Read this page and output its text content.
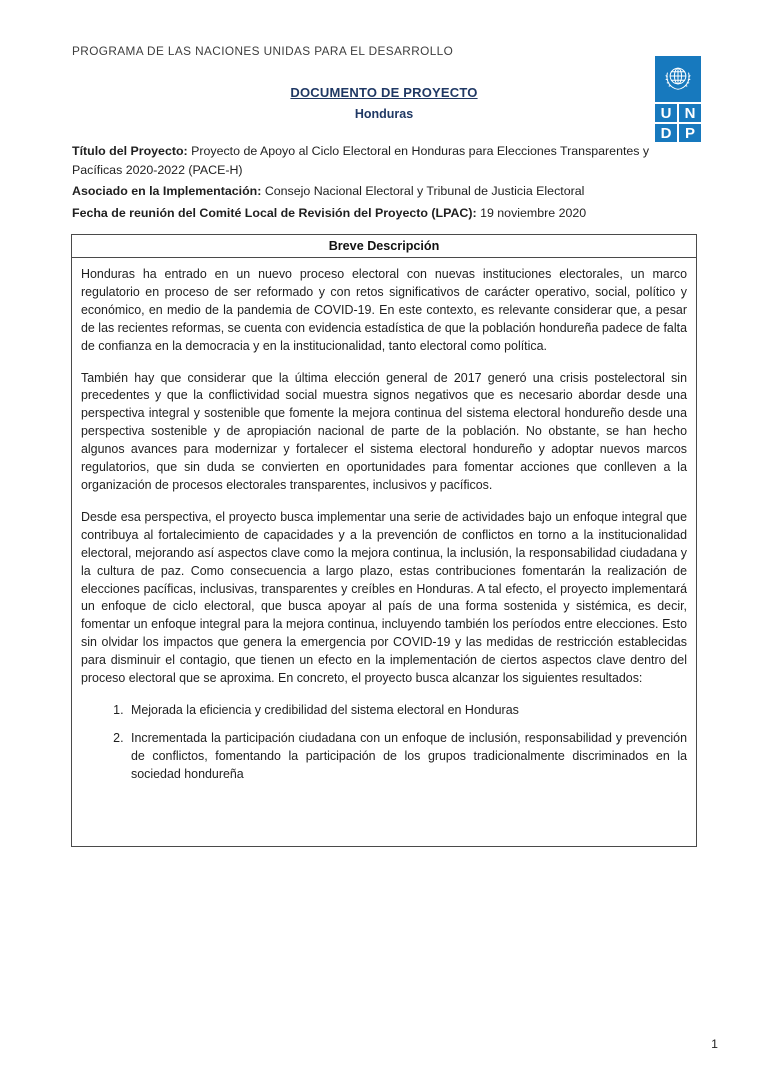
PROGRAMA DE LAS NACIONES UNIDAS PARA EL DESARROLLO
U N
D P
DOCUMENTO DE PROYECTO
Honduras

Título del Proyecto: Proyecto de Apoyo al Ciclo Electoral en Honduras para Elecciones Transparentes y Pacíficas 2020-2022 (PACE-H)

Asociado en la Implementación: Consejo Nacional Electoral y Tribunal de Justicia Electoral

Fecha de reunión del Comité Local de Revisión del Proyecto (LPAC): 19 noviembre 2020

Breve Descripción

Honduras ha entrado en un nuevo proceso electoral con nuevas instituciones electorales, un marco regulatorio en proceso de ser reformado y con retos significativos de carácter operativo, social, político y económico, en medio de la pandemia de COVID-19. En este contexto, es relevante considerar que, a pesar de las recientes reformas, se cuenta con evidencia estadística de que la población hondureña padece de falta de confianza en la democracia y en la institucionalidad, tanto electoral como política.

También hay que considerar que la última elección general de 2017 generó una crisis postelectoral sin precedentes y que la conflictividad social muestra signos negativos que es necesario abordar desde una perspectiva integral y sostenible que fomente la mejora continua del sistema electoral hondureño desde una perspectiva sostenible y de apropiación nacional de parte de la población. No obstante, se han hecho algunos avances para modernizar y fortalecer el sistema electoral hondureño y adoptar nuevos marcos regulatorios, que sin duda se convierten en oportunidades para fomentar acciones que conlleven a la organización de procesos electorales transparentes, inclusivos y pacíficos.

Desde esa perspectiva, el proyecto busca implementar una serie de actividades bajo un enfoque integral que contribuya al fortalecimiento de capacidades y a la prevención de conflictos en torno a la institucionalidad electoral, mejorando así aspectos clave como la mejora continua, la inclusión, la responsabilidad ciudadana y la cultura de paz. Como consecuencia a largo plazo, estas contribuciones fomentarán la realización de elecciones pacíficas, inclusivas, transparentes y creíbles en Honduras. A tal efecto, el proyecto implementará un enfoque de ciclo electoral, que busca apoyar al país de una forma sostenida y sistémica, es decir, fomentar un enfoque integral para la mejora continua, incluyendo también los períodos entre elecciones. Esto sin olvidar los impactos que genera la emergencia por COVID-19 y las medidas de restricción establecidas para disminuir el contagio, que tienen un efecto en la implementación de ciertos aspectos clave dentro del proceso electoral que se aproxima. En concreto, el proyecto busca alcanzar los siguientes resultados:

1. Mejorada la eficiencia y credibilidad del sistema electoral en Honduras
2. Incrementada la participación ciudadana con un enfoque de inclusión, responsabilidad y prevención de conflictos, fomentando la participación de los grupos tradicionalmente discriminados en la sociedad hondureña
1
